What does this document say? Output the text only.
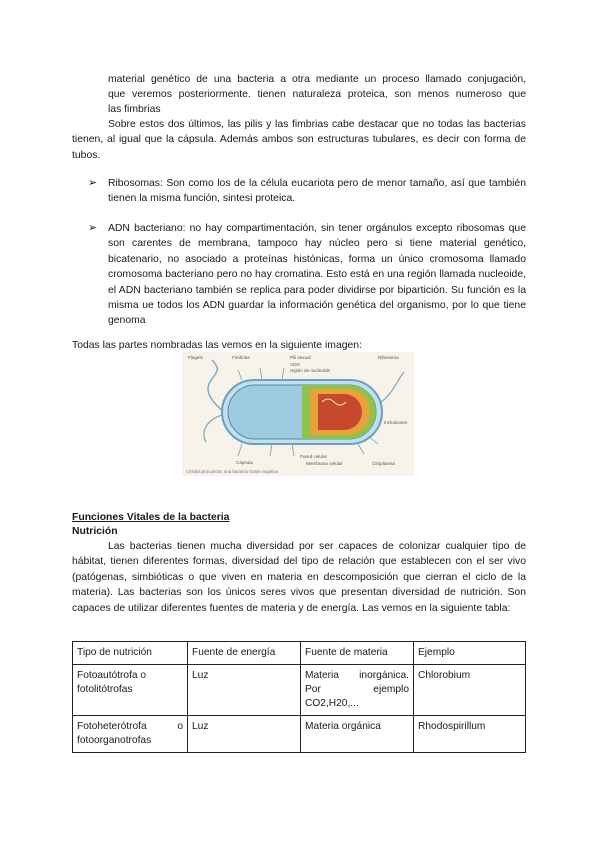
material genético de una bacteria a otra mediante un proceso llamado conjugación,

que veremos posteriormente. tienen naturaleza proteica, son menos numeroso que

las fimbrias

Sobre estos dos últimos, las pilis y las fimbrias cabe destacar que no todas las bacterias tienen, al igual que la cápsula. Además ambos son estructuras tubulares, es decir con forma de tubos.

➢ Ribosomas: Son como los de la célula eucariota pero de menor tamaño, así que también tienen la misma función, sintesi proteica.

➢ ADN bacteriano: no hay compartimentación, sin tener orgánulos excepto ribosomas que son carentes de membrana, tampoco hay núcleo pero si tiene material genético, bicatenario, no asociado a proteínas histónicas, forma un único cromosoma llamado cromosoma bacteriano pero no hay cromatina. Esto está en una región llamada nucleoide, el ADN bacteriano también se replica para poder dividirse por bipartición. Su función es la misma ue todos los ADN guardar la información genética del organismo, por lo que tiene genoma

Todas las partes nombradas las vemos en la siguiente imagen:

Flagelo	Fimbrias	Pili sexual
ADN
región de nucleoide
Ribosoma
Inclusiones
Cápsula
Pared celular
Membrana celular	Citoplasma
Células procariota: una bacteria Gram negativa

Funciones Vitales de la bacteria

Nutrición

Las bacterias tienen mucha diversidad por ser capaces de colonizar cualquier tipo de hábitat, tienen diferentes formas, diversidad del tipo de relación que establecen con el ser vivo (patógenas, simbióticas o que viven en materia en descomposición que cierran el ciclo de la materia). Las bacterias son los únicos seres vivos que presentan diversidad de nutrición. Son capaces de utilizar diferentes fuentes de materia y de energía. Las vemos en la siguiente tabla:

Tipo de nutrición	Fuente de energía	Fuente de materia	Ejemplo
Fotoautótrofa o fotolitótrofas	Luz	Materia inorgánica. Por ejemplo CO2,H20,...	Chlorobium
Fotoheterótrofa o fotoorganotrofas	Luz	Materia orgánica	Rhodospirillum
